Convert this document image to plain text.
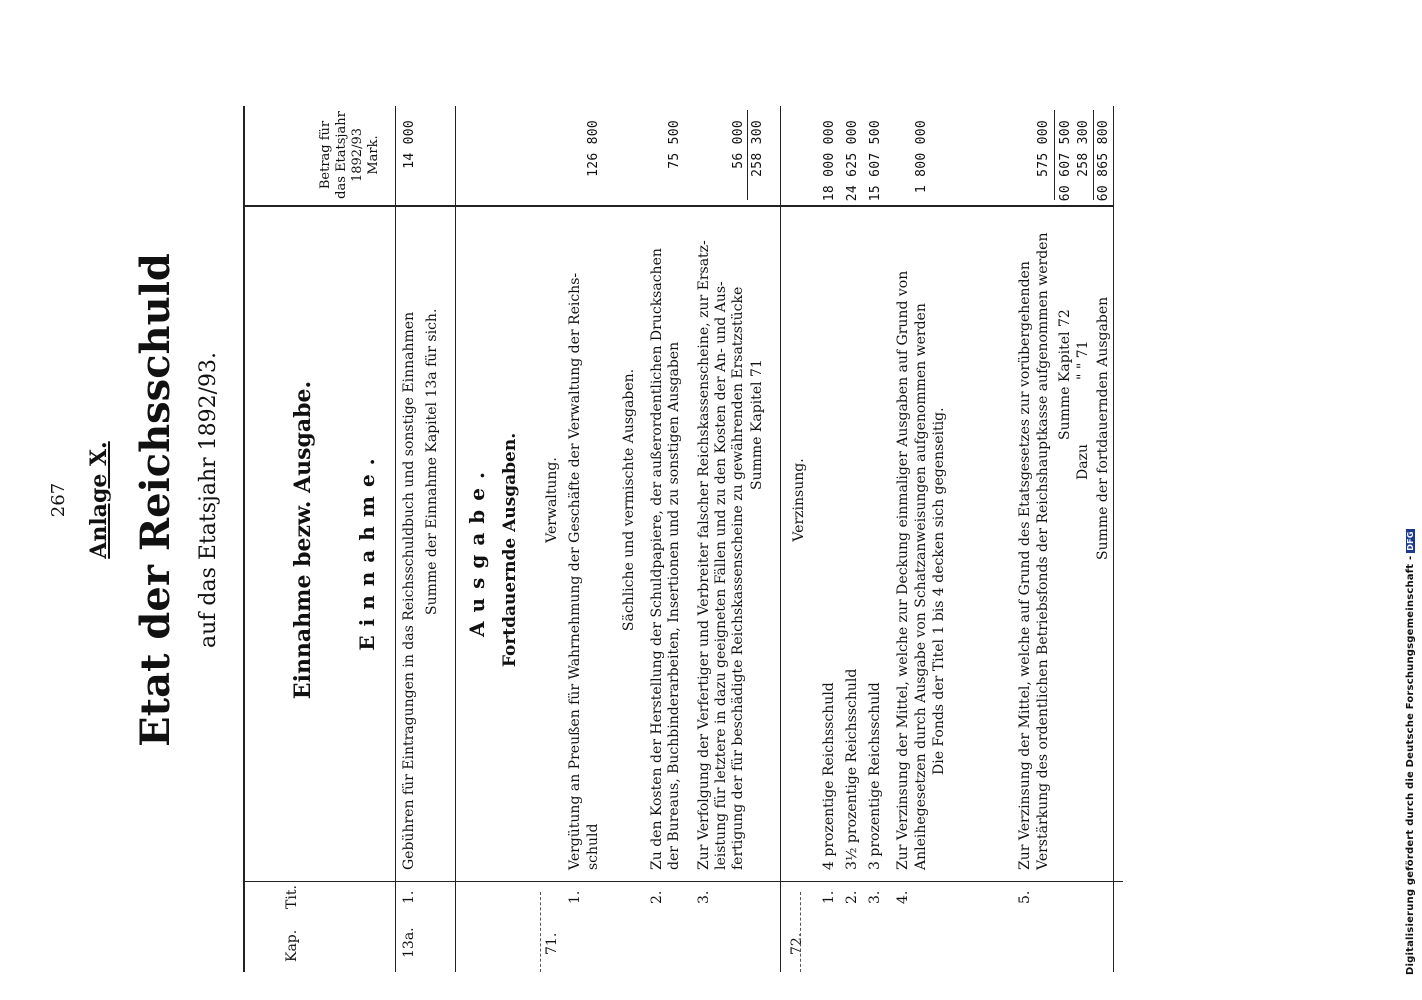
267 Anlage X. Etat der Reichsschuld auf das Etatsjahr 1892/93.
Kap.
Tit.
Einnahme bezw. Ausgabe.
Betrag für das Etatsjahr 1892/93 Mark.
Einnahme.
13a.
1.
Gebühren für Eintragungen in das Reichsschuldbuch und sonstige Einnahmen
14 000
Summe der Einnahme Kapitel 13a für sich. Ausgabe. Fortdauernde Ausgaben.
71.
Verwaltung.
1.
Vergütung an Preußen für Wahrnehmung der Geschäfte der Verwaltung der Reichs- schuld
126 800
Sächliche und vermischte Ausgaben.
2.
Zu den Kosten der Herstellung der Schuldpapiere, der außerordentlichen Drucksachen der Bureaus, Buchbinderarbeiten, Insertionen und zu sonstigen Ausgaben
75 500
3.
Zur Verfolgung der Verfertiger und Verbreiter falscher Reichskassenscheine, zur Ersatz- leistung für letztere in dazu geeigneten Fällen und zu den Kosten der An- und Aus- fertigung der für beschädigte Reichskassenscheine zu gewährenden Ersatzstücke
56 000
Summe Kapitel 71
258 300
72.
Verzinsung.
1.
4 prozentige Reichsschuld
18 000 000
2.
3½ prozentige Reichsschuld
24 625 000
3.
3 prozentige Reichsschuld
15 607 500
4.
Zur Verzinsung der Mittel, welche zur Deckung einmaliger Ausgaben auf Grund von Anleihegesetzen durch Ausgabe von Schatzanweisungen aufgenommen werden
1 800 000
Die Fonds der Titel 1 bis 4 decken sich gegenseitig.
5.
Zur Verzinsung der Mittel, welche auf Grund des Etatsgesetzes zur vorübergehenden Verstärkung des ordentlichen Betriebsfonds der Reichshauptkasse aufgenommen werden
575 000
Summe Kapitel 72
60 607 500
Dazu
" " 71
258 300
Summe der fortdauernden Ausgaben
60 865 800
Digitalisierung gefördert durch die Deutsche Forschungsgemeinschaft -DFG
